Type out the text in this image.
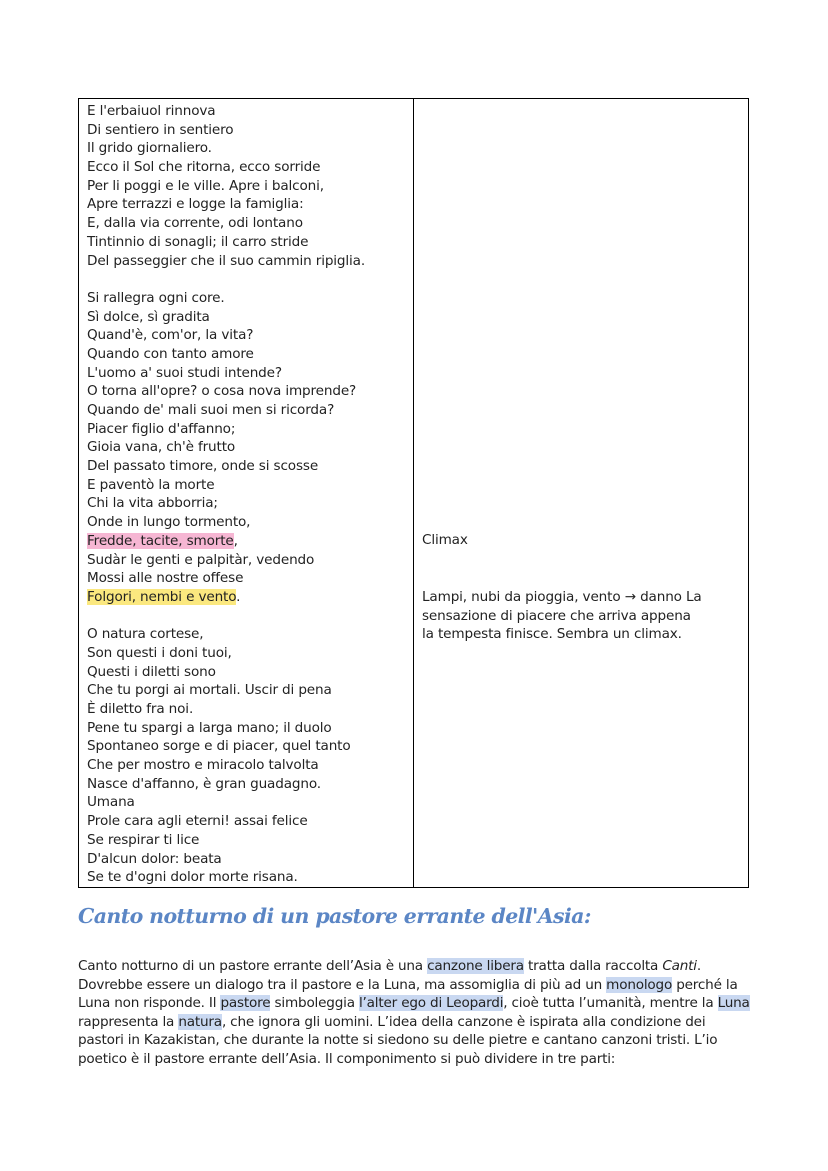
E l'erbaiuol rinnova
Di sentiero in sentiero
Il grido giornaliero.
Ecco il Sol che ritorna, ecco sorride
Per li poggi e le ville. Apre i balconi,
Apre terrazzi e logge la famiglia:
E, dalla via corrente, odi lontano
Tintinnio di sonagli; il carro stride
Del passeggier che il suo cammin ripiglia.
Si rallegra ogni core.
Sì dolce, sì gradita
Quand'è, com'or, la vita?
Quando con tanto amore
L'uomo a' suoi studi intende?
O torna all'opre? o cosa nova imprende?
Quando de' mali suoi men si ricorda?
Piacer figlio d'affanno;
Gioia vana, ch'è frutto
Del passato timore, onde si scosse
E paventò la morte
Chi la vita abborria;
Onde in lungo tormento,
Fredde, tacite, smorte,
Sudàr le genti e palpitàr, vedendo
Mossi alle nostre offese
Folgori, nembi e vento.
O natura cortese,
Son questi i doni tuoi,
Questi i diletti sono
Che tu porgi ai mortali. Uscir di pena
È diletto fra noi.
Pene tu spargi a larga mano; il duolo
Spontaneo sorge e di piacer, quel tanto
Che per mostro e miracolo talvolta
Nasce d'affanno, è gran guadagno.
Umana
Prole cara agli eterni! assai felice
Se respirar ti lice
D'alcun dolor: beata
Se te d'ogni dolor morte risana.
Climax
Lampi, nubi da pioggia, vento → danno La
sensazione di piacere che arriva appena
la tempesta finisce. Sembra un climax.
Canto notturno di un pastore errante dell'Asia:
Canto notturno di un pastore errante dell’Asia è una canzone libera tratta dalla raccolta Canti. Dovrebbe essere un dialogo tra il pastore e la Luna, ma assomiglia di più ad un monologo perché la Luna non risponde. Il pastore simboleggia l’alter ego di Leopardi, cioè tutta l’umanità, mentre la Luna rappresenta la natura, che ignora gli uomini. L’idea della canzone è ispirata alla condizione dei pastori in Kazakistan, che durante la notte si siedono su delle pietre e cantano canzoni tristi. L’io poetico è il pastore errante dell’Asia. Il componimento si può dividere in tre parti:
